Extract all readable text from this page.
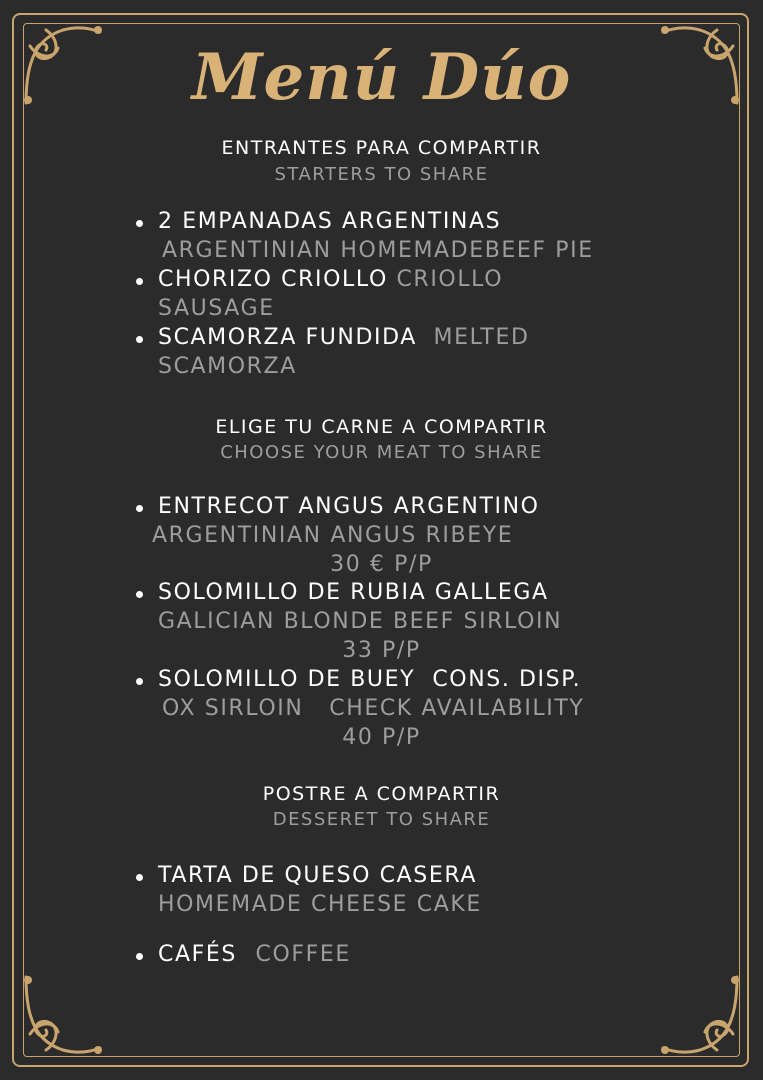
Menú Dúo
ENTRANTES PARA COMPARTIR
STARTERS TO SHARE
2 EMPANADAS ARGENTINAS
ARGENTINIAN HOMEMADEBEEF PIE
CHORIZO CRIOLLO CRIOLLO
SAUSAGE
SCAMORZA FUNDIDA MELTED
SCAMORZA
ELIGE TU CARNE A COMPARTIR
CHOOSE YOUR MEAT TO SHARE
ENTRECOT ANGUS ARGENTINO
ARGENTINIAN ANGUS RIBEYE
30 € P/P
SOLOMILLO DE RUBIA GALLEGA
GALICIAN BLONDE BEEF SIRLOIN
33 P/P
SOLOMILLO DE BUEY  CONS. DISP.
OX SIRLOIN   CHECK AVAILABILITY
40 P/P
POSTRE A COMPARTIR
DESSERET TO SHARE
TARTA DE QUESO CASERA
HOMEMADE CHEESE CAKE
CAFÉS COFFEE
